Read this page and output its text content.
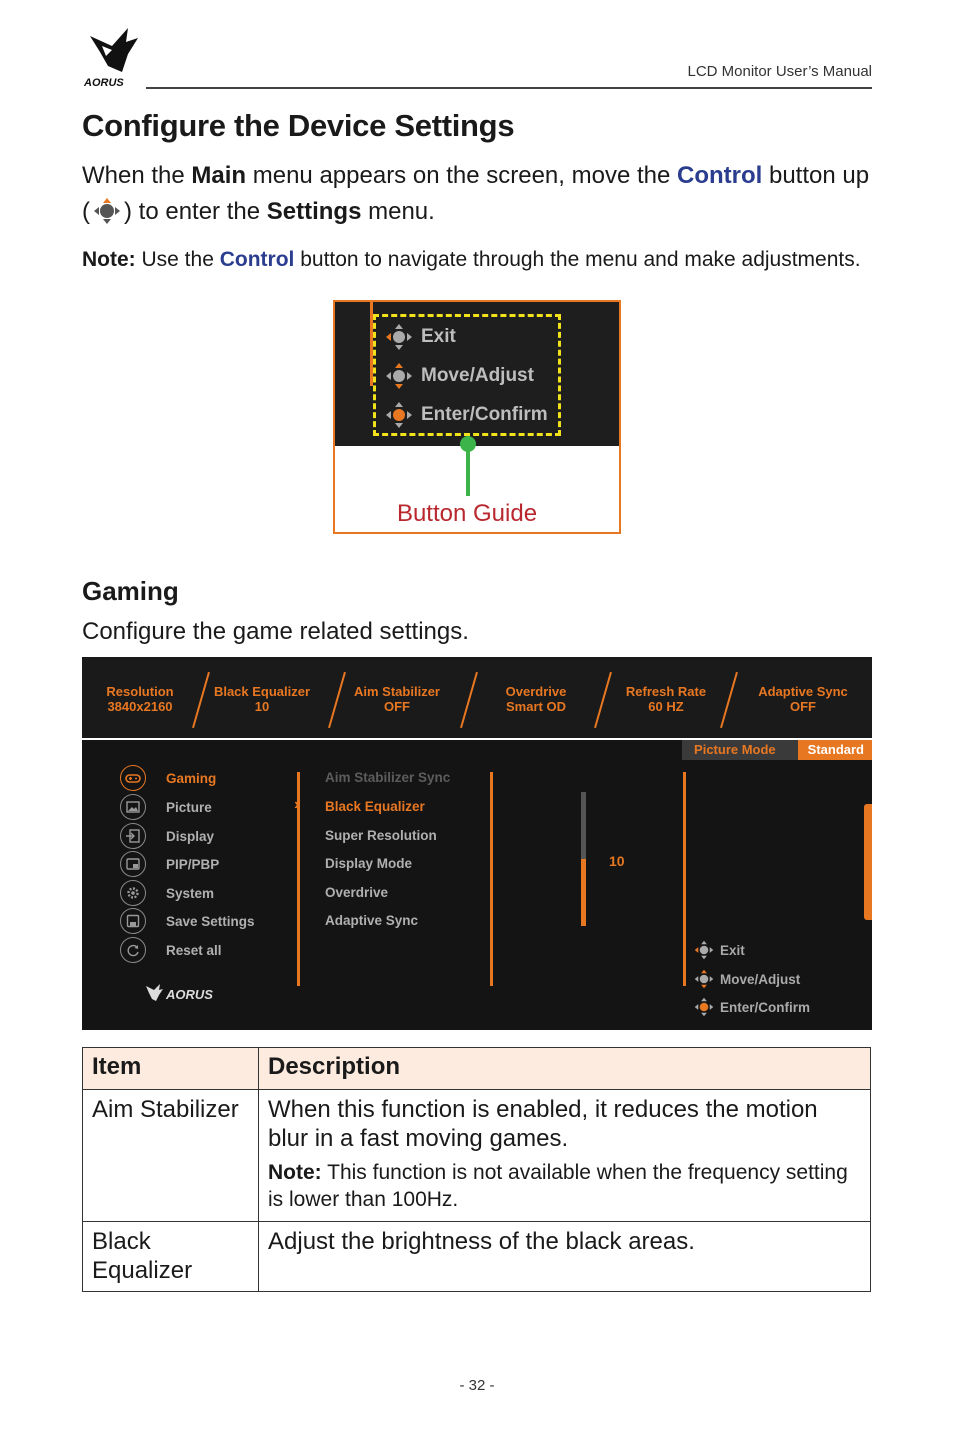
AORUS
LCD Monitor User’s Manual
Configure the Device Settings
When the Main menu appears on the screen, move the Control button up ( ) to enter the Settings menu.
Note: Use the Control button to navigate through the menu and make adjustments.
Exit
Move/Adjust
Enter/Confirm
Button Guide
Gaming
Configure the game related settings.
Resolution
3840x2160
Black Equalizer
10
Aim Stabilizer
OFF
Overdrive
Smart OD
Refresh Rate
60 HZ
Adaptive Sync
OFF
Picture Mode	Standard
Gaming
Picture
Display
PIP/PBP
System
Save Settings
Reset all
AORUS
›
Aim Stabilizer Sync
Black Equalizer
Super Resolution
Display Mode
Overdrive
Adaptive Sync
10
Exit
Move/Adjust
Enter/Confirm
Item	Description
Aim Stabilizer	When this function is enabled, it reduces the motion blur in a fast moving games.
Note: This function is not available when the frequency setting is lower than 100Hz.

Black Equalizer	Adjust the brightness of the black areas.
- 32 -
